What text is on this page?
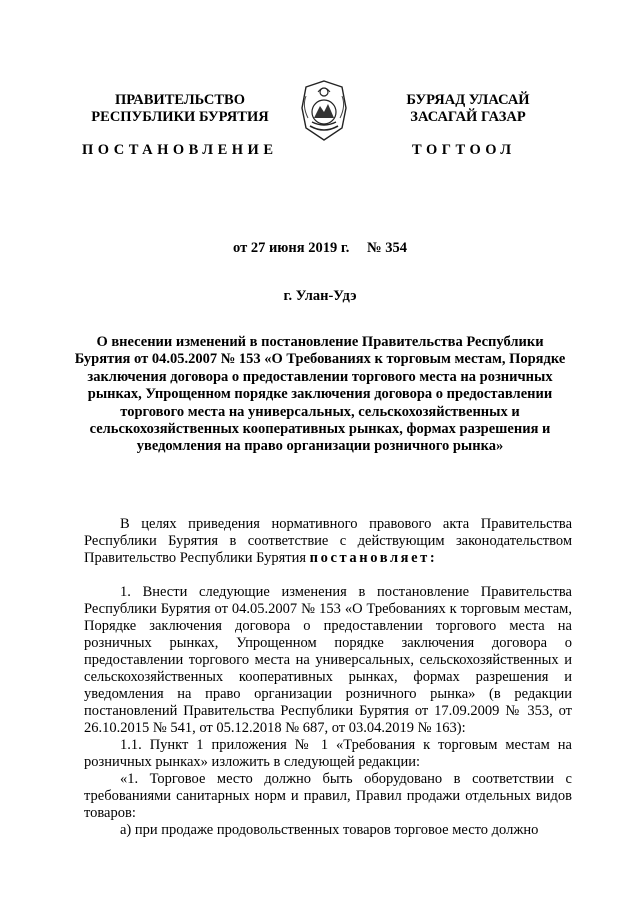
ПРАВИТЕЛЬСТВО
РЕСПУБЛИКИ БУРЯТИЯ
БУРЯАД УЛАСАЙ
ЗАСАГАЙ ГАЗАР
ПОСТАНОВЛЕНИЕ	ТОГТООЛ
от 27 июня 2019 г. № 354
г. Улан-Удэ
О внесении изменений в постановление Правительства Республики Бурятия от 04.05.2007 № 153 «О Требованиях к торговым местам, Порядке заключения договора о предоставлении торгового места на розничных рынках, Упрощенном порядке заключения договора о предоставлении торгового места на универсальных, сельскохозяйственных и сельскохозяйственных кооперативных рынках, формах разрешения и уведомления на право организации розничного рынка»

В целях приведения нормативного правового акта Правительства Республики Бурятия в соответствие с действующим законодательством Правительство Республики Бурятия постановляет:

1. Внести следующие изменения в постановление Правительства Республики Бурятия от 04.05.2007 № 153 «О Требованиях к торговым местам, Порядке заключения договора о предоставлении торгового места на розничных рынках, Упрощенном порядке заключения договора о предоставлении торгового места на универсальных, сельскохозяйственных и сельскохозяйственных кооперативных рынках, формах разрешения и уведомления на право организации розничного рынка» (в редакции постановлений Правительства Республики Бурятия от 17.09.2009 № 353, от 26.10.2015 № 541, от 05.12.2018 № 687, от 03.04.2019 № 163):

1.1. Пункт 1 приложения № 1 «Требования к торговым местам на розничных рынках» изложить в следующей редакции:

«1. Торговое место должно быть оборудовано в соответствии с требованиями санитарных норм и правил, Правил продажи отдельных видов товаров:

а) при продаже продовольственных товаров торговое место должно
